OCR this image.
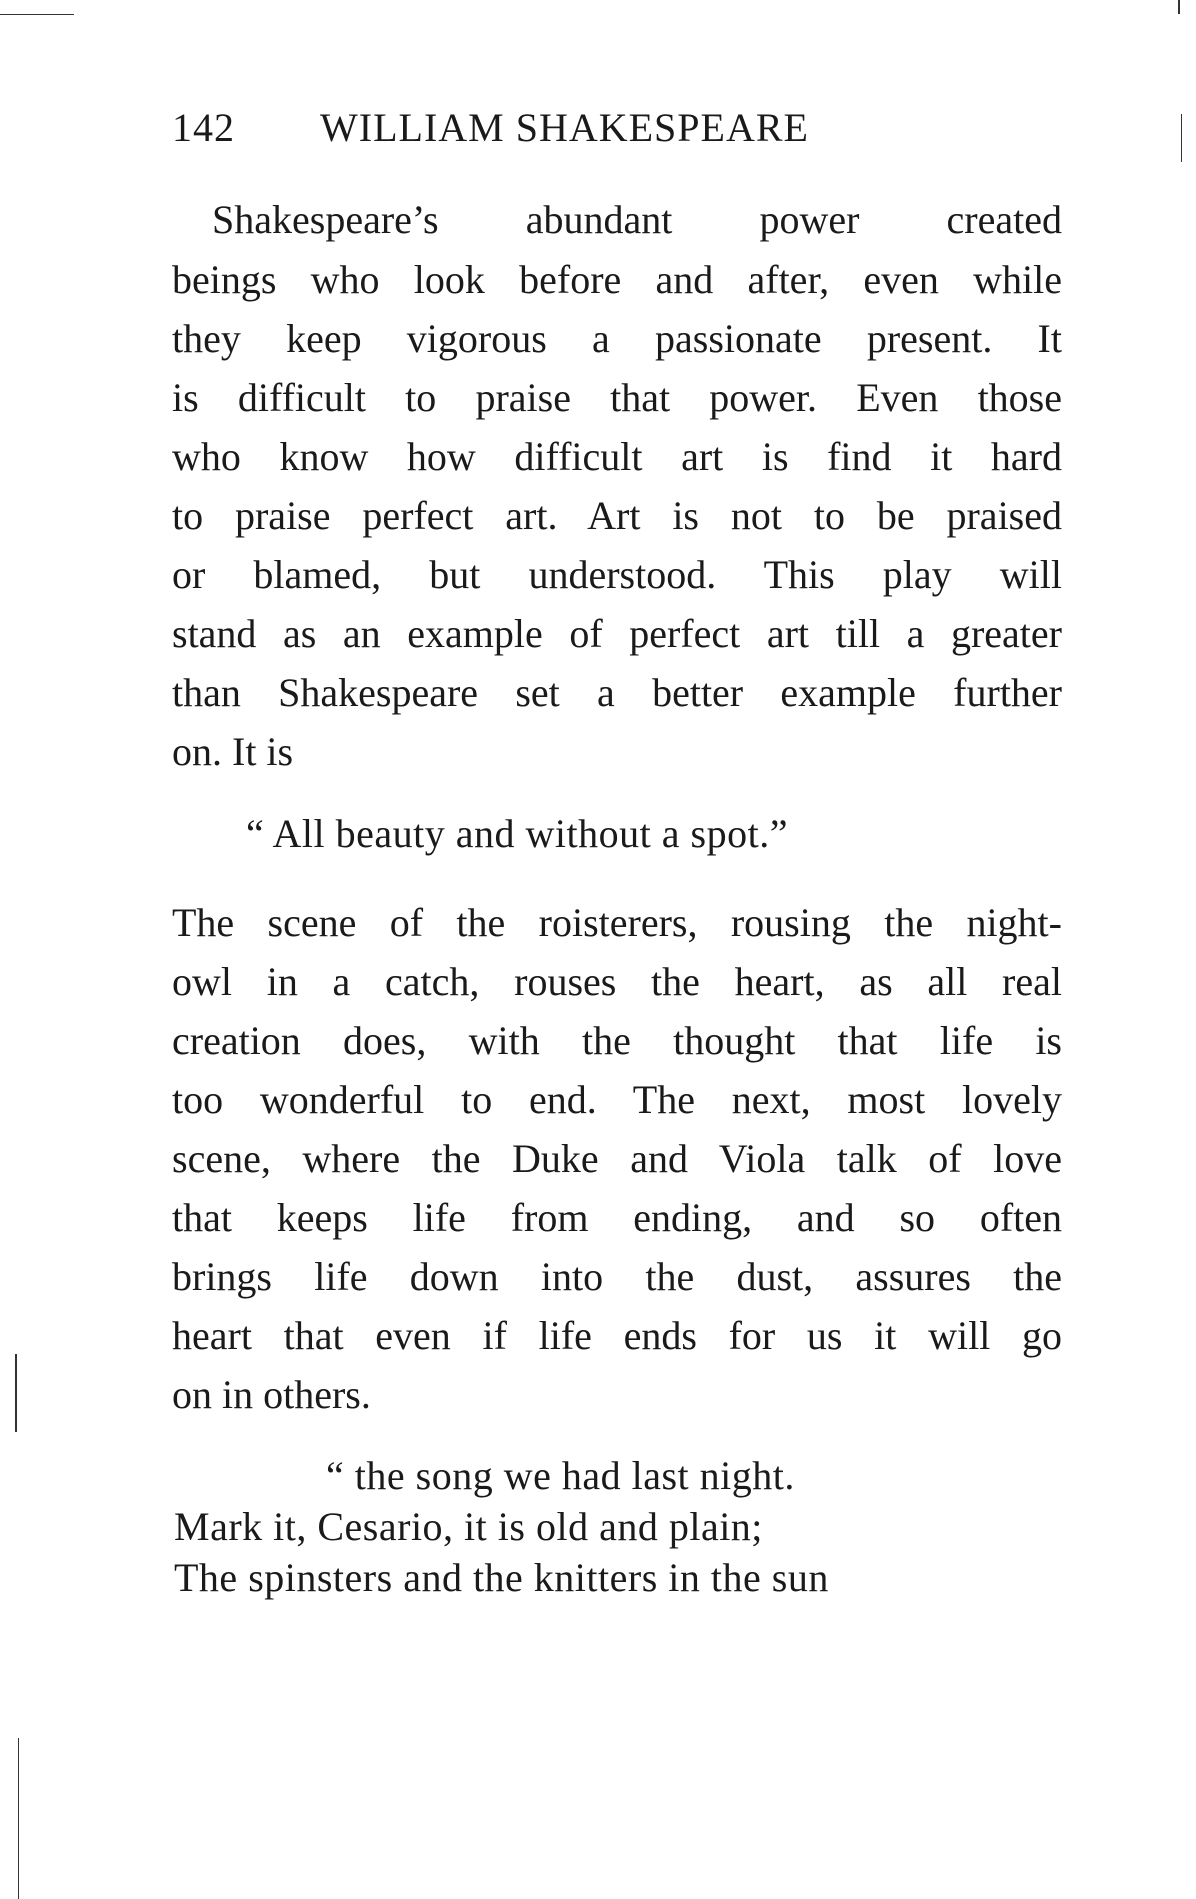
142 WILLIAM SHAKESPEARE
Shakespeare’s abundant power created
beings who look before and after, even while
they keep vigorous a passionate present. It
is difficult to praise that power. Even those
who know how difficult art is find it hard
to praise perfect art. Art is not to be praised
or blamed, but understood. This play will
stand as an example of perfect art till a greater
than Shakespeare set a better example further
on. It is
“ All beauty and without a spot.”
The scene of the roisterers, rousing the night-
owl in a catch, rouses the heart, as all real
creation does, with the thought that life is
too wonderful to end. The next, most lovely
scene, where the Duke and Viola talk of love
that keeps life from ending, and so often
brings life down into the dust, assures the
heart that even if life ends for us it will go
on in others.
“ the song we had last night.
Mark it, Cesario, it is old and plain;
The spinsters and the knitters in the sun
